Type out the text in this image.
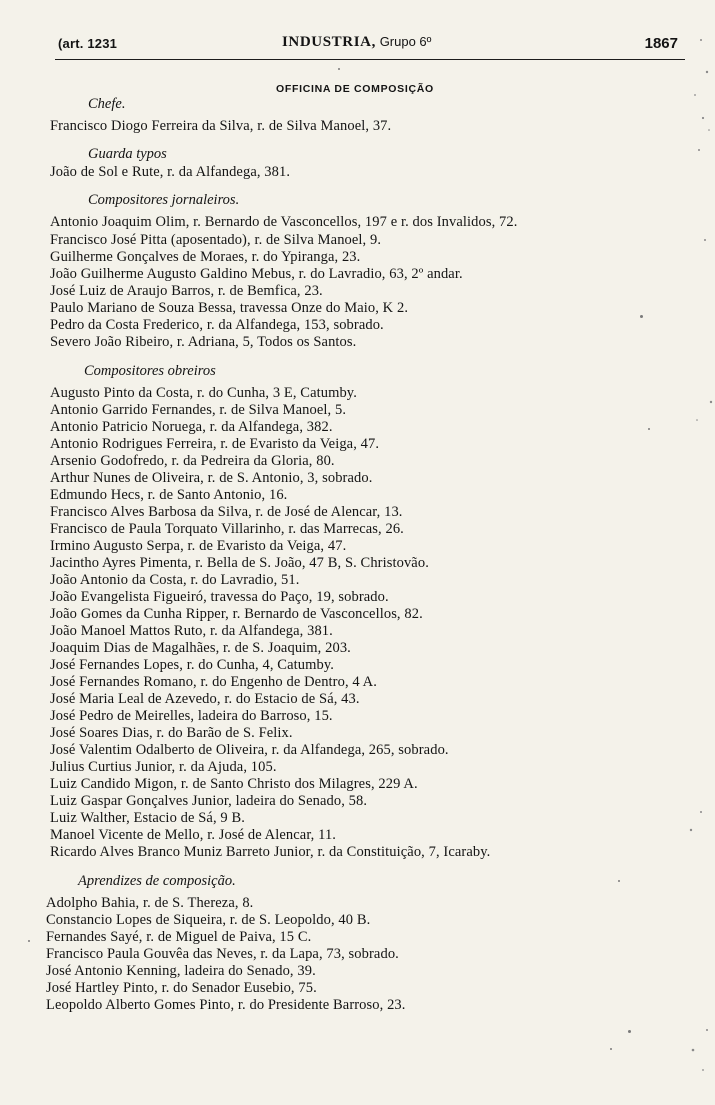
(art. 1231	INDUSTRIA, Grupo 6º	1867
OFFICINA DE COMPOSIÇÃO
Chefe.
Francisco Diogo Ferreira da Silva, r. de Silva Manoel, 37.
Guarda typos
João de Sol e Rute, r. da Alfandega, 381.
Compositores jornaleiros.
Antonio Joaquim Olim, r. Bernardo de Vasconcellos, 197 e r. dos Invalidos, 72.
Francisco José Pitta (aposentado), r. de Silva Manoel, 9.
Guilherme Gonçalves de Moraes, r. do Ypiranga, 23.
João Guilherme Augusto Galdino Mebus, r. do Lavradio, 63, 2º andar.
José Luiz de Araujo Barros, r. de Bemfica, 23.
Paulo Mariano de Souza Bessa, travessa Onze do Maio, K 2.
Pedro da Costa Frederico, r. da Alfandega, 153, sobrado.
Severo João Ribeiro, r. Adriana, 5, Todos os Santos.
Compositores obreiros
Augusto Pinto da Costa, r. do Cunha, 3 E, Catumby.
Antonio Garrido Fernandes, r. de Silva Manoel, 5.
Antonio Patricio Noruega, r. da Alfandega, 382.
Antonio Rodrigues Ferreira, r. de Evaristo da Veiga, 47.
Arsenio Godofredo, r. da Pedreira da Gloria, 80.
Arthur Nunes de Oliveira, r. de S. Antonio, 3, sobrado.
Edmundo Hecs, r. de Santo Antonio, 16.
Francisco Alves Barbosa da Silva, r. de José de Alencar, 13.
Francisco de Paula Torquato Villarinho, r. das Marrecas, 26.
Irmino Augusto Serpa, r. de Evaristo da Veiga, 47.
Jacintho Ayres Pimenta, r. Bella de S. João, 47 B, S. Christovão.
João Antonio da Costa, r. do Lavradio, 51.
João Evangelista Figueiró, travessa do Paço, 19, sobrado.
João Gomes da Cunha Ripper, r. Bernardo de Vasconcellos, 82.
João Manoel Mattos Ruto, r. da Alfandega, 381.
Joaquim Dias de Magalhães, r. de S. Joaquim, 203.
José Fernandes Lopes, r. do Cunha, 4, Catumby.
José Fernandes Romano, r. do Engenho de Dentro, 4 A.
José Maria Leal de Azevedo, r. do Estacio de Sá, 43.
José Pedro de Meirelles, ladeira do Barroso, 15.
José Soares Dias, r. do Barão de S. Felix.
José Valentim Odalberto de Oliveira, r. da Alfandega, 265, sobrado.
Julius Curtius Junior, r. da Ajuda, 105.
Luiz Candido Migon, r. de Santo Christo dos Milagres, 229 A.
Luiz Gaspar Gonçalves Junior, ladeira do Senado, 58.
Luiz Walther, Estacio de Sá, 9 B.
Manoel Vicente de Mello, r. José de Alencar, 11.
Ricardo Alves Branco Muniz Barreto Junior, r. da Constituição, 7, Icaraby.
Aprendizes de composição.
Adolpho Bahia, r. de S. Thereza, 8.
Constancio Lopes de Siqueira, r. de S. Leopoldo, 40 B.
Fernandes Sayé, r. de Miguel de Paiva, 15 C.
Francisco Paula Gouvêa das Neves, r. da Lapa, 73, sobrado.
José Antonio Kenning, ladeira do Senado, 39.
José Hartley Pinto, r. do Senador Eusebio, 75.
Leopoldo Alberto Gomes Pinto, r. do Presidente Barroso, 23.
